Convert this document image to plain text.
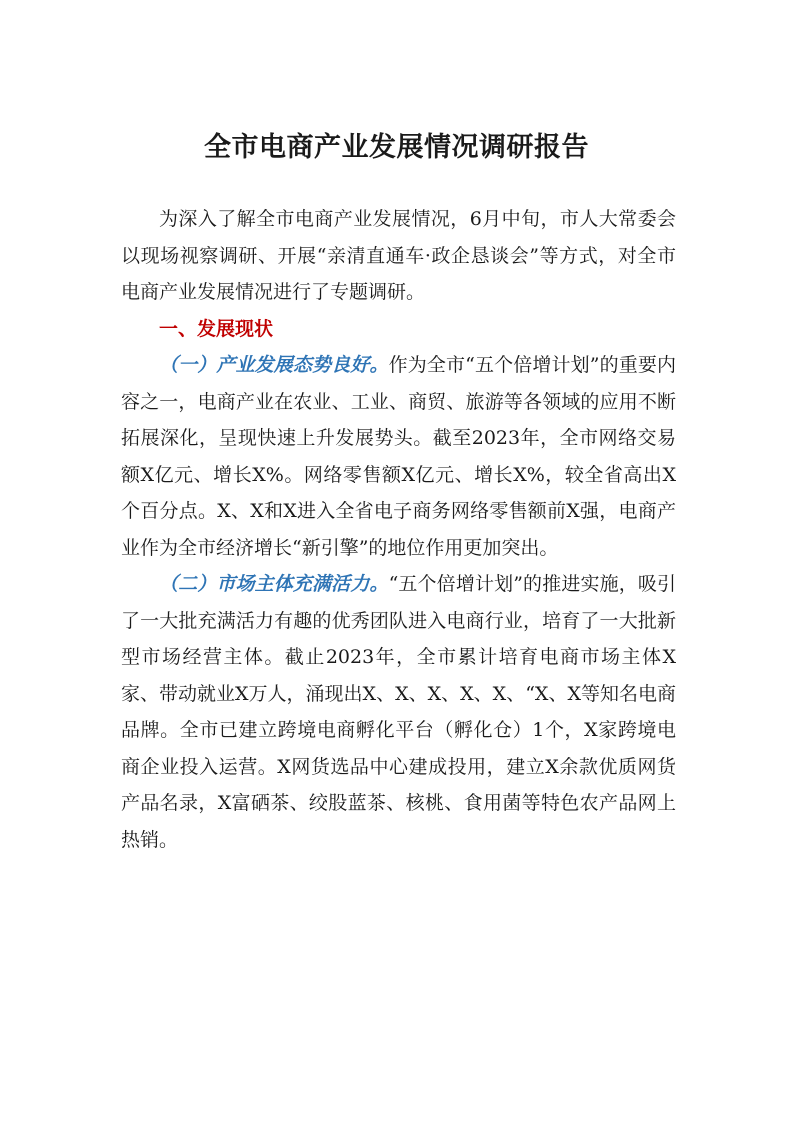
全市电商产业发展情况调研报告

为深入了解全市电商产业发展情况，6月中旬，市人大常委会以现场视察调研、开展“亲清直通车·政企恳谈会”等方式，对全市电商产业发展情况进行了专题调研。

一、发展现状

（一）产业发展态势良好。作为全市“五个倍增计划”的重要内容之一，电商产业在农业、工业、商贸、旅游等各领域的应用不断拓展深化，呈现快速上升发展势头。截至2023年，全市网络交易额X亿元、增长X%。网络零售额X亿元、增长X%，较全省高出X个百分点。X、X和X进入全省电子商务网络零售额前X强，电商产业作为全市经济增长“新引擎”的地位作用更加突出。

（二）市场主体充满活力。“五个倍增计划”的推进实施，吸引了一大批充满活力有趣的优秀团队进入电商行业，培育了一大批新型市场经营主体。截止2023年，全市累计培育电商市场主体X家、带动就业X万人，涌现出X、X、X、X、X、“X、X等知名电商品牌。全市已建立跨境电商孵化平台（孵化仓）1个，X家跨境电商企业投入运营。X网货选品中心建成投用，建立X余款优质网货产品名录，X富硒茶、绞股蓝茶、核桃、食用菌等特色农产品网上热销。
